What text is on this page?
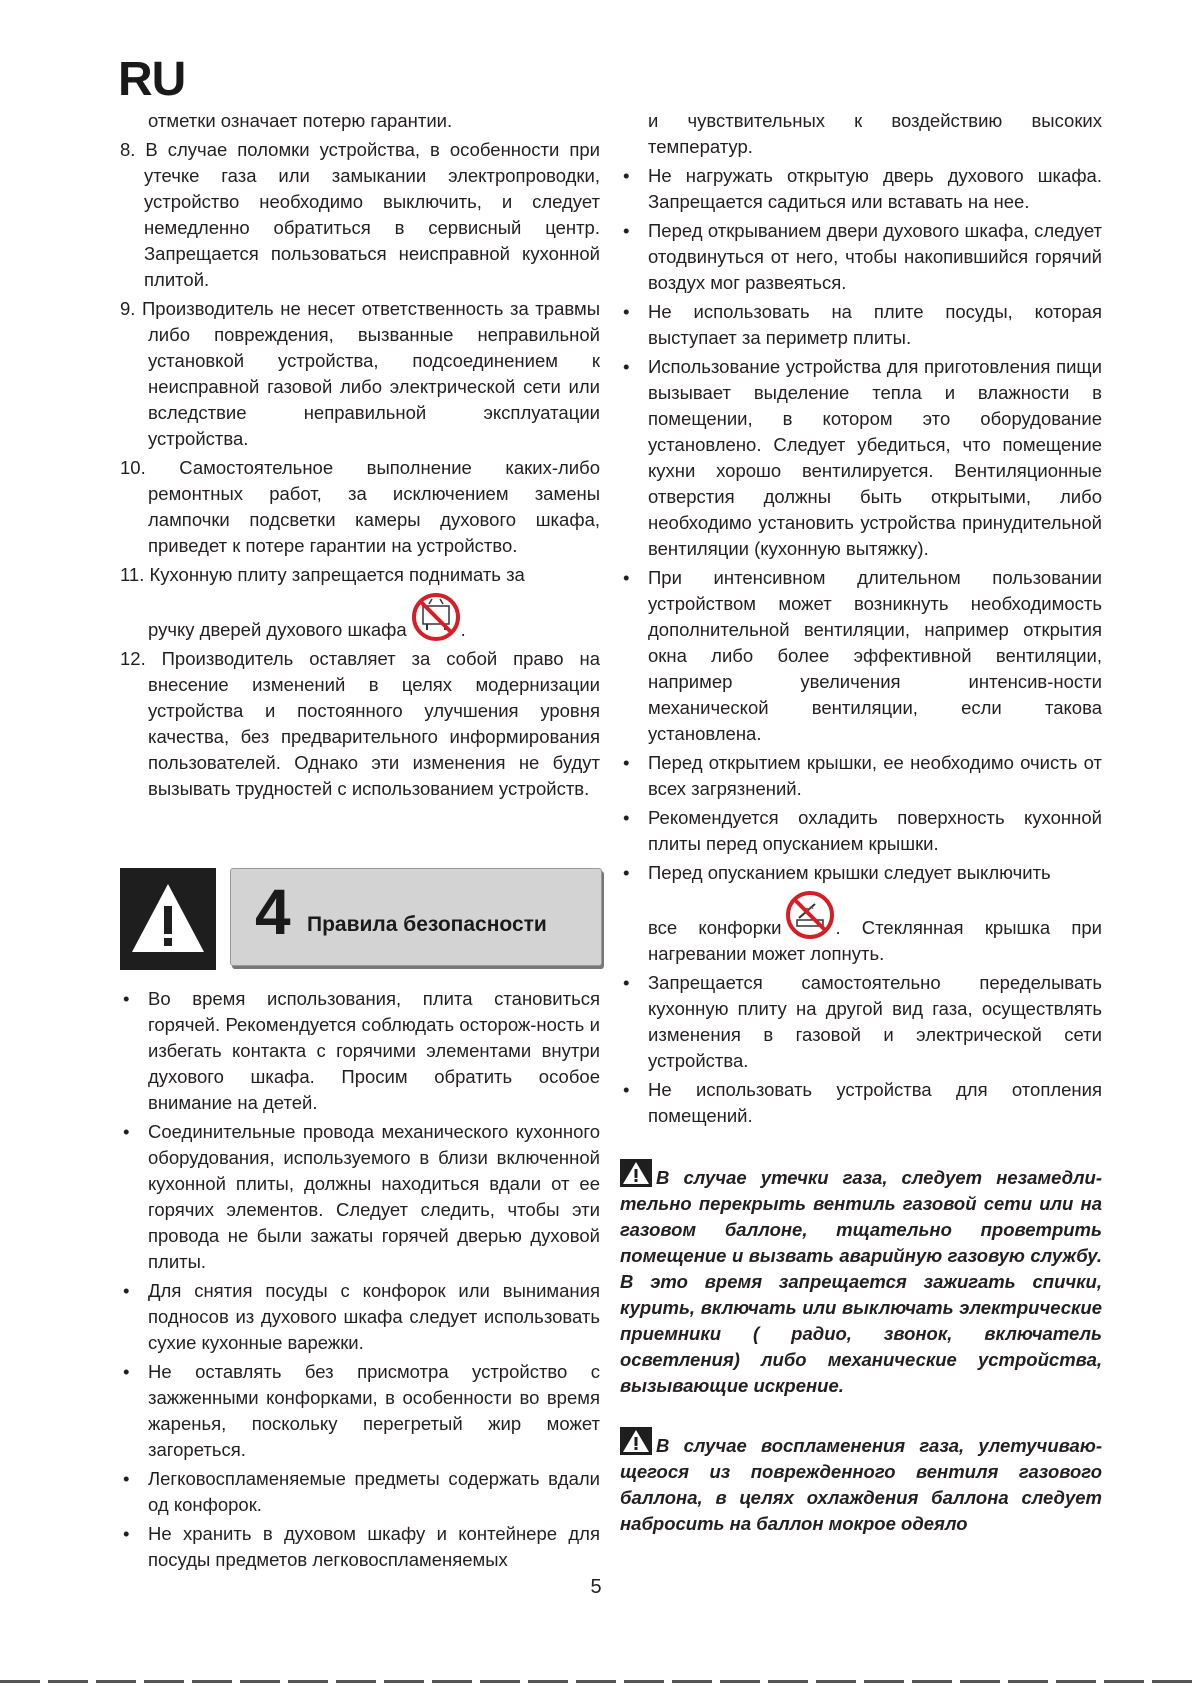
RU

отметки означает потерю гарантии.

8. В случае поломки устройства, в особенности при утечке газа или замыкании электропроводки, устройство необходимо выключить, и следует немедленно обратиться в сервисный центр. Запрещается пользоваться неисправной кухонной плитой.

9. Производитель не несет ответственность за травмы либо повреждения, вызванные неправильной установкой устройства, подсоединением к неисправной газовой либо электрической сети или вследствие неправильной эксплуатации устройства.

10. Самостоятельное выполнение каких-либо ремонтных работ, за исключением замены лампочки подсветки камеры духового шкафа, приведет к потере гарантии на устройство.

11. Кухонную плиту запрещается поднимать за

ручку дверей духового шкафа	.

12. Производитель оставляет за собой право на внесение изменений в целях модернизации устройства и постоянного улучшения уровня качества, без предварительного информирования пользователей. Однако эти изменения не будут вызывать трудностей с использованием устройств.

4 Правила безопасности

• Во время использования, плита становиться горячей. Рекомендуется соблюдать осторож-ность и избегать контакта с горячими элементами внутри духового шкафа. Просим обратить особое внимание на детей.

• Соединительные провода механического кухонного оборудования, используемого в близи включенной кухонной плиты, должны находиться вдали от ее горячих элементов. Следует следить, чтобы эти провода не были зажаты горячей дверью духовой плиты.

• Для снятия посуды с конфорок или вынимания подносов из духового шкафа следует использовать сухие кухонные варежки.

• Не оставлять без присмотра устройство с зажженными конфорками, в особенности во время жаренья, поскольку перегретый жир может загореться.

• Легковоспламеняемые предметы содержать вдали од конфорок.

• Не хранить в духовом шкафу и контейнере для посуды предметов легковоспламеняемых

и чувствительных к воздействию высоких температур.

• Не нагружать открытую дверь духового шкафа. Запрещается садиться или вставать на нее.

• Перед открыванием двери духового шкафа, следует отодвинуться от него, чтобы накопившийся горячий воздух мог развеяться.

• Не использовать на плите посуды, которая выступает за периметр плиты.

• Использование устройства для приготовления пищи вызывает выделение тепла и влажности в помещении, в котором это оборудование установлено. Следует убедиться, что помещение кухни хорошо вентилируется. Вентиляционные отверстия должны быть открытыми, либо необходимо установить устройства принудительной вентиляции (кухонную вытяжку).

• При интенсивном длительном пользовании устройством может возникнуть необходимость дополнительной вентиляции, например открытия окна либо более эффективной вентиляции, например увеличения интенсив-ности механической вентиляции, если такова установлена.

• Перед открытием крышки, ее необходимо очисть от всех загрязнений.

• Рекомендуется охладить поверхность кухонной плиты перед опусканием крышки.

• Перед опусканием крышки следует выключить

все конфорки	. Стеклянная крышка при нагревании может лопнуть.

• Запрещается самостоятельно переделывать кухонную плиту на другой вид газа, осуществлять изменения в газовой и электрической сети устройства.

• Не использовать устройства для отопления помещений.

В случае утечки газа, следует незамедли-тельно перекрыть вентиль газовой сети или на газовом баллоне, тщательно проветрить помещение и вызвать аварийную газовую службу. В это время запрещается зажигать спички, курить, включать или выключать электрические приемники ( радио, звонок, включатель осветления) либо механические устройства, вызывающие искрение.

В случае воспламенения газа, улетучиваю-щегося из поврежденного вентиля газового баллона, в целях охлаждения баллона следует набросить на баллон мокрое одеяло

5
